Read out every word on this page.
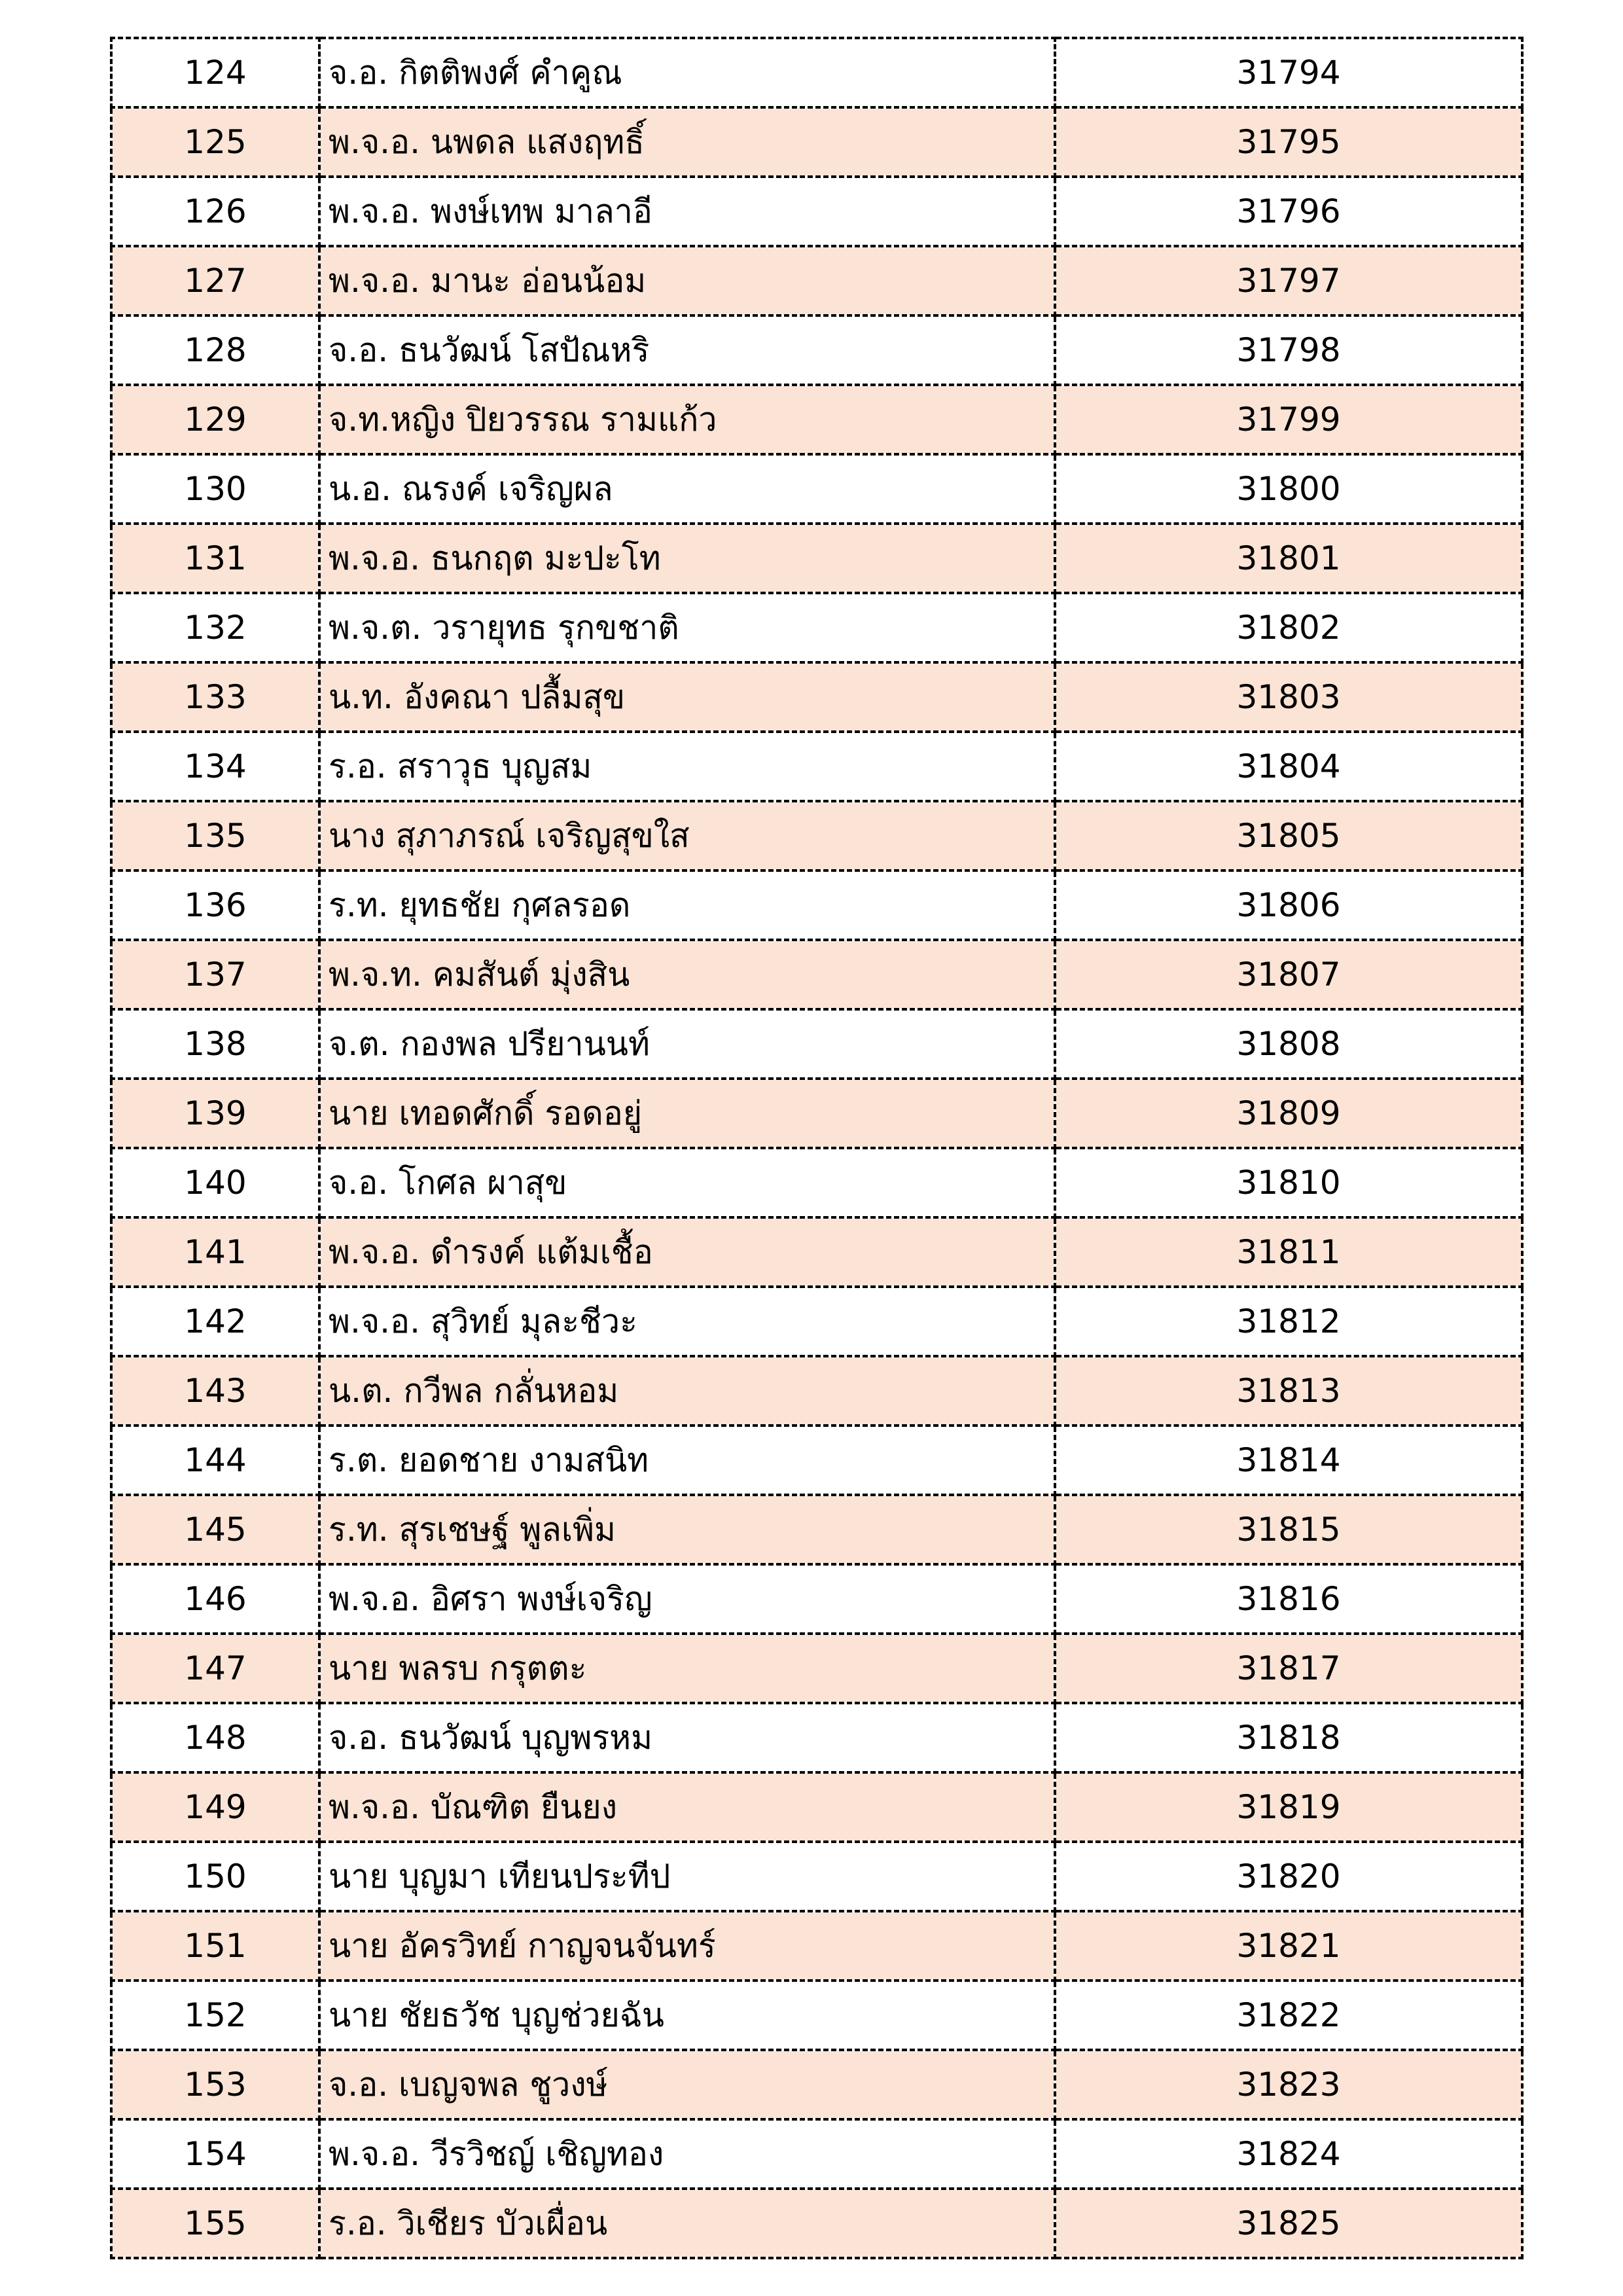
124	จ.อ. กิตติพงศ์ คำคูณ	31794
125	พ.จ.อ. นพดล แสงฤทธิ์	31795
126	พ.จ.อ. พงษ์เทพ มาลาอี	31796
127	พ.จ.อ. มานะ อ่อนน้อม	31797
128	จ.อ. ธนวัฒน์ โสปัณหริ	31798
129	จ.ท.หญิง ปิยวรรณ รามแก้ว	31799
130	น.อ. ณรงค์ เจริญผล	31800
131	พ.จ.อ. ธนกฤต มะปะโท	31801
132	พ.จ.ต. วรายุทธ รุกขชาติ	31802
133	น.ท. อังคณา ปลื้มสุข	31803
134	ร.อ. สราวุธ บุญสม	31804
135	นาง สุภาภรณ์ เจริญสุขใส	31805
136	ร.ท. ยุทธชัย กุศลรอด	31806
137	พ.จ.ท. คมสันต์ มุ่งสิน	31807
138	จ.ต. กองพล ปรียานนท์	31808
139	นาย เทอดศักดิ์ รอดอยู่	31809
140	จ.อ. โกศล ผาสุข	31810
141	พ.จ.อ. ดำรงค์ แต้มเชื้อ	31811
142	พ.จ.อ. สุวิทย์ มุละชีวะ	31812
143	น.ต. กวีพล กลั่นหอม	31813
144	ร.ต. ยอดชาย งามสนิท	31814
145	ร.ท. สุรเชษฐ์ พูลเพิ่ม	31815
146	พ.จ.อ. อิศรา พงษ์เจริญ	31816
147	นาย พลรบ กรุตตะ	31817
148	จ.อ. ธนวัฒน์ บุญพรหม	31818
149	พ.จ.อ. บัณฑิต ยืนยง	31819
150	นาย บุญมา เทียนประทีป	31820
151	นาย อัครวิทย์ กาญจนจันทร์	31821
152	นาย ชัยธวัช บุญช่วยฉัน	31822
153	จ.อ. เบญจพล ชูวงษ์	31823
154	พ.จ.อ. วีรวิชญ์ เชิญทอง	31824
155	ร.อ. วิเชียร บัวเผื่อน	31825
